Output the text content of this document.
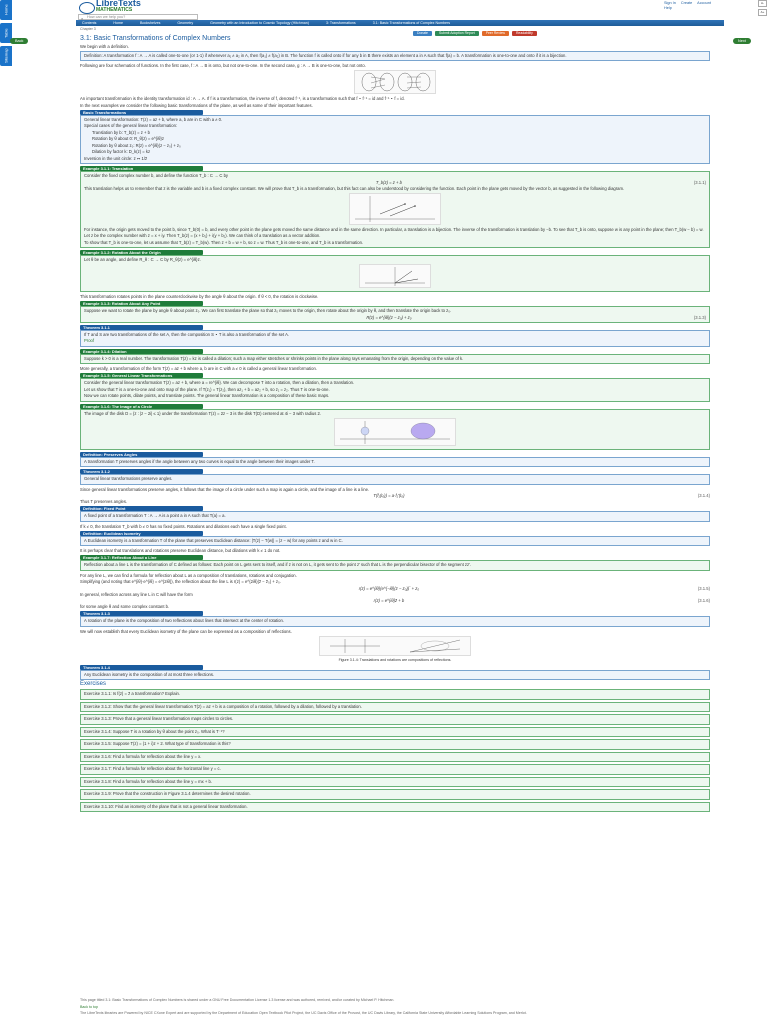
Home
Table
Sitemap
LibreTexts
MATHEMATICS
Sign In Create Account Help
⌕ How can we help you?
A-
A+
Contents	Home	Bookshelves	Geometry	Geometry with an Introduction to Cosmic Topology (Hitchman)	3: Transformations	3.1: Basic Transformations of Complex Numbers
Chapter 3
Donate	Submit Adoption Report	Peer Review	Readability
Back	Next
3.1: Basic Transformations of Complex Numbers

We begin with a definition.

Definition: A transformation f : A → A is called one-to-one (or 1-1) if whenever a₁ ≠ a₂ in A, then f(a₁) ≠ f(a₂) in B. The function f is called onto if for any b in B there exists an element a in A such that f(a) = b. A transformation is one-to-one and onto if it is a bijection.

Following are four schematics of functions. In the first case, f : A → B is onto, but not one-to-one. In the second case, g : A → B is one-to-one, but not onto.

An important transformation is the identity transformation id : A → A. If f is a transformation, the inverse of f, denoted f⁻¹, is a transformation such that f ∘ f⁻¹ = id and f⁻¹ ∘ f = id.

In the next examples we consider the following basic transformations of the plane, as well as some of their important features.

Basic Transformations
General linear transformation: T(z) = az + b, where a, b are in C with a ≠ 0.
Special cases of the general linear transformation:
Translation by b: T_b(z) = z + b
Rotation by θ about 0: R_θ(z) = e^{iθ}z
Rotation by θ about z₀: R(z) = e^{iθ}(z − z₀) + z₀
Dilation by factor k: D_k(z) = kz
Inversion in the unit circle: z ↦ 1/z̄
Example 3.1.1: Translation

Consider the fixed complex number b, and define the function T_b : C → C by

T_b(z) = z + b	(3.1.1)

This translation helps us to remember that z is the variable and b is a fixed complex constant. We will prove that T_b is a transformation, but this fact can also be understood by considering the function. Each point in the plane gets moved by the vector b, as suggested in the following diagram.

For instance, the origin gets moved to the point b, since T_b(0) = b, and every other point in the plane gets moved the same distance and in the same direction. In particular, a translation is a bijection. The inverse of the transformation is translation by −b. To see that T_b is onto, suppose w is any point in the plane; then T_b(w − b) = w.

Let z be the complex number with z = x + iy. Then T_b(z) = (x + b₁) + i(y + b₂). We can think of a translation as a vector addition.

To show that T_b is one-to-one, let us assume that T_b(z) = T_b(w). Then z + b = w + b, so z = w. Thus T_b is one-to-one, and T_b is a transformation.

Example 3.1.2: Rotation About the Origin

Let θ be an angle, and define R_θ : C → C by R_θ(z) = e^{iθ}z.

This transformation rotates points in the plane counterclockwise by the angle θ about the origin. If θ < 0, the rotation is clockwise.

Example 3.1.3: Rotation About Any Point

Suppose we want to rotate the plane by angle θ about point z₀. We can first translate the plane so that z₀ moves to the origin, then rotate about the origin by θ, and then translate the origin back to z₀.

R(z) = e^{iθ}(z − z₀) + z₀	(3.1.3)
Theorem 3.1.1

If T and S are two transformations of the set A, then the composition S ∘ T is also a transformation of the set A.

Proof

Example 3.1.4: Dilation

Suppose k > 0 is a real number. The transformation T(z) = kz is called a dilation; such a map either stretches or shrinks points in the plane along rays emanating from the origin, depending on the value of k.

More generally, a transformation of the form T(z) = az + b where a, b are in C with a ≠ 0 is called a general linear transformation.

Example 3.1.5: General Linear Transformations

Consider the general linear transformation T(z) = az + b, where a = re^{iθ}. We can decompose T into a rotation, then a dilation, then a translation.

Let us show that T is a one-to-one and onto map of the plane. If T(z₁) = T(z₂), then az₁ + b = az₂ + b, so z₁ = z₂. Thus T is one-to-one.

Now we can rotate points, dilate points, and translate points. The general linear transformation is a composition of these basic maps.

Example 3.1.6: The Image of a Circle

The image of the disk D = {z : |z − 2i| ≤ 1} under the transformation T(z) = 2z − 3 is the disk T(D) centered at 4i − 3 with radius 2.

Definition: Preserves Angles

A transformation T preserves angles if the angle between any two curves is equal to the angle between their images under T.

Theorem 3.1.2

General linear transformations preserve angles.

Since general linear transformations preserve angles, it follows that the image of a circle under such a map is again a circle, and the image of a line is a line.

T(f₁(t₀)) = a·f₁'(t₀)	(3.1.4)

Thus T preserves angles.

Definition: Fixed Point

A fixed point of a transformation T : A → A is a point a in A such that T(a) = a.

If k ≠ 0, the translation T_b with b ≠ 0 has no fixed points. Rotations and dilations each have a single fixed point.

Definition: Euclidean Isometry

A Euclidean isometry is a transformation T of the plane that preserves Euclidean distance: |T(z) − T(w)| = |z − w| for any points z and w in C.

It is perhaps clear that translations and rotations preserve Euclidean distance, but dilations with k ≠ 1 do not.

Example 3.1.7: Reflection About a Line

Reflection about a line L is the transformation of C defined as follows: Each point on L gets sent to itself, and if z is not on L, it gets sent to the point z' such that L is the perpendicular bisector of the segment zz'.

For any line L, we can find a formula for reflection about L as a composition of translations, rotations and conjugation.

Simplifying (and noting that e^{iθ}·e^{iθ} = e^{2iθ}), the reflection about the line L is r(z) = e^{2iθ}(z̄ − z̄₀) + z₀.

r(z) = e^{iθ}(e^{−iθ}(z − z₀))‾ + z₀	(3.1.5)

In general, reflection across any line L in C will have the form

r(z) = e^{iθ}z̄ + b	(3.1.6)

for some angle θ and some complex constant b.

Theorem 3.1.3

A rotation of the plane is the composition of two reflections about lines that intersect at the center of rotation.

We will now establish that every Euclidean isometry of the plane can be expressed as a composition of reflections.

Figure 3.1.4: Translations and rotations are compositions of reflections.
Theorem 3.1.4

Any Euclidean isometry is the composition of at most three reflections.

Exercises

Exercise 3.1.1: Is f(z) = z̄ a transformation? Explain.

Exercise 3.1.2: Show that the general linear transformation T(z) = az + b is a composition of a rotation, followed by a dilation, followed by a translation.

Exercise 3.1.3: Prove that a general linear transformation maps circles to circles.

Exercise 3.1.4: Suppose T is a rotation by θ about the point z₀. What is T⁻¹?

Exercise 3.1.5: Suppose T(z) = (1 + i)z + 2. What type of transformation is this?

Exercise 3.1.6: Find a formula for reflection about the line y = x.

Exercise 3.1.7: Find a formula for reflection about the horizontal line y = c.

Exercise 3.1.8: Find a formula for reflection about the line y = mx + b.

Exercise 3.1.9: Prove that the construction in Figure 3.1.4 determines the desired rotation.

Exercise 3.1.10: Find an isometry of the plane that is not a general linear transformation.

This page titled 3.1: Basic Transformations of Complex Numbers is shared under a GNU Free Documentation License 1.3 license and was authored, remixed, and/or curated by Michael P. Hitchman.

Back to top

The LibreTexts libraries are Powered by NICE CXone Expert and are supported by the Department of Education Open Textbook Pilot Project, the UC Davis Office of the Provost, the UC Davis Library, the California State University Affordable Learning Solutions Program, and Merlot.
